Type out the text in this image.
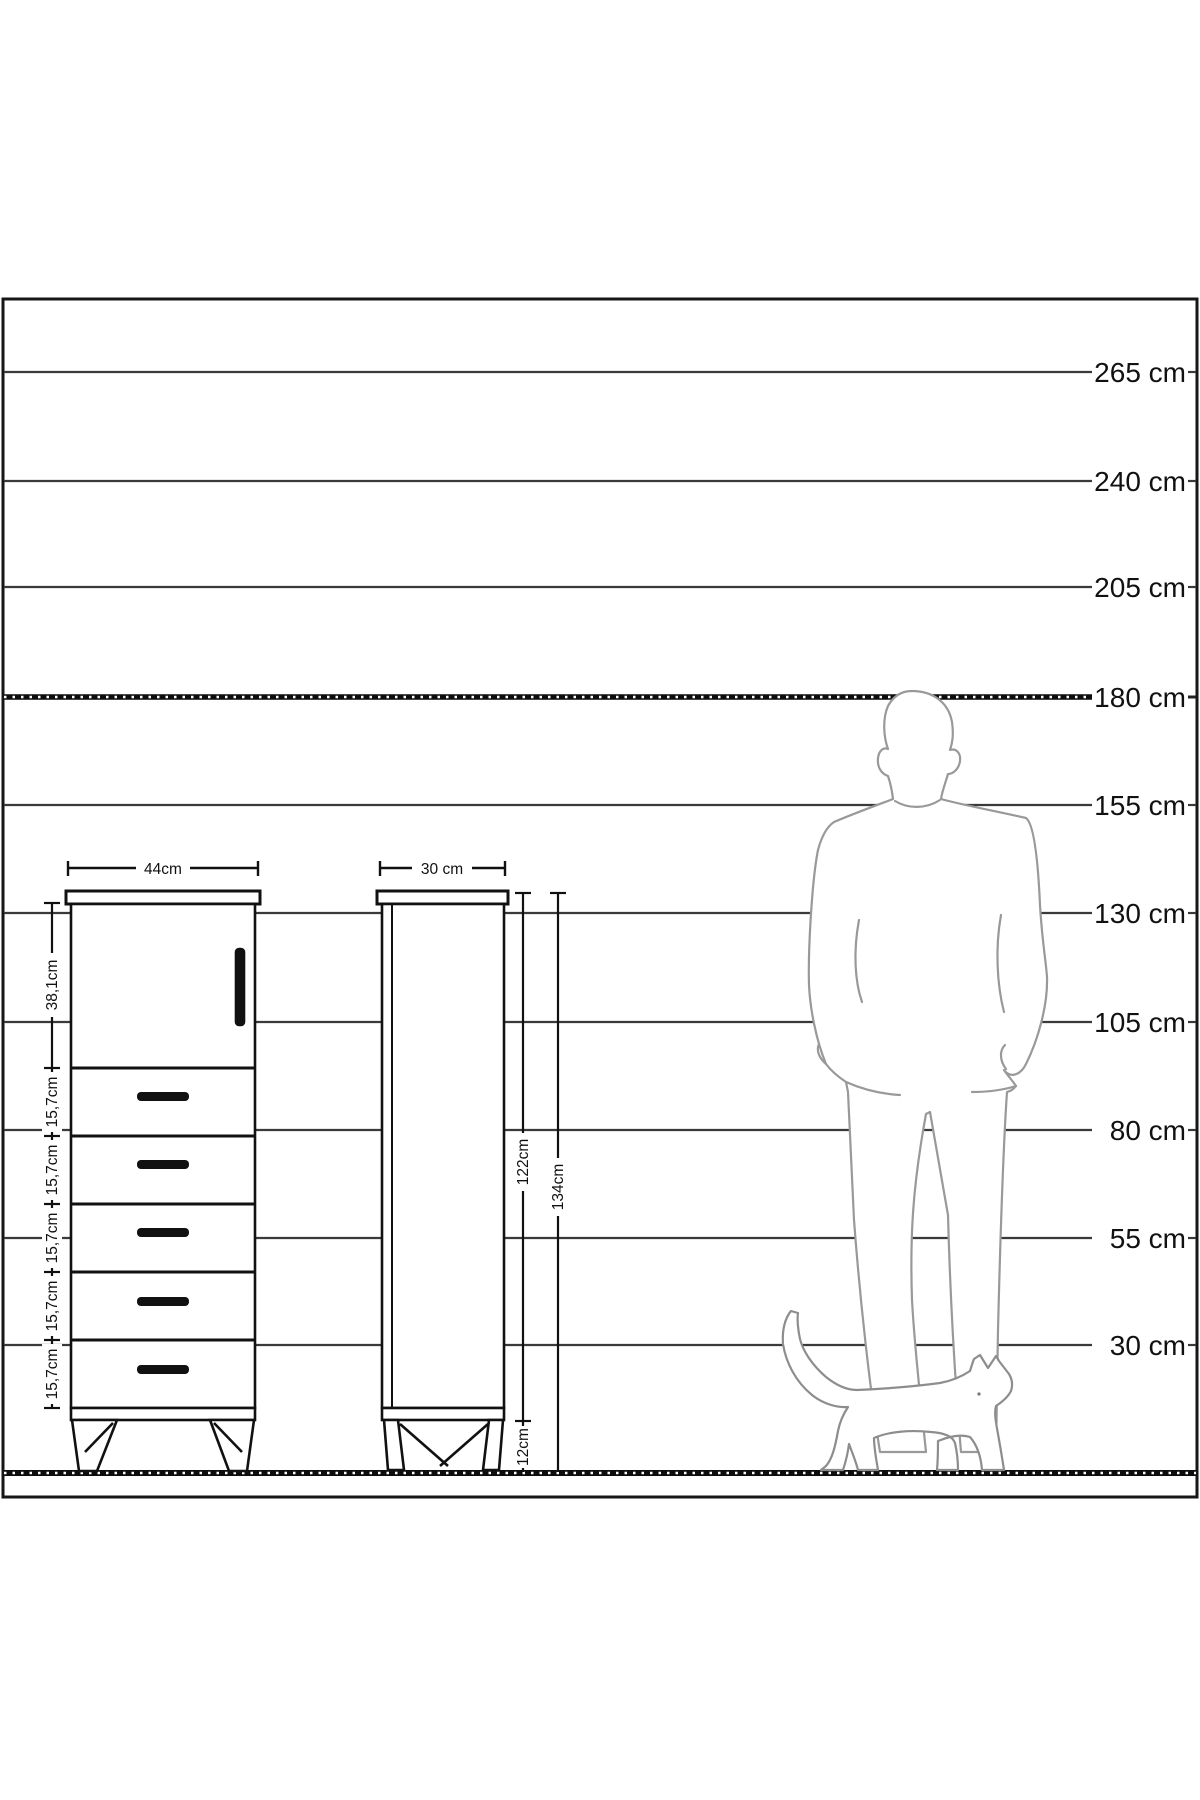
265 cm
240 cm
205 cm
180 cm
155 cm
130 cm
105 cm
80 cm
55 cm
30 cm
44cm
38,1cm
15,7cm
15,7cm
15,7cm
15,7cm
15,7cm
30 cm
122cm
134cm
12cm
